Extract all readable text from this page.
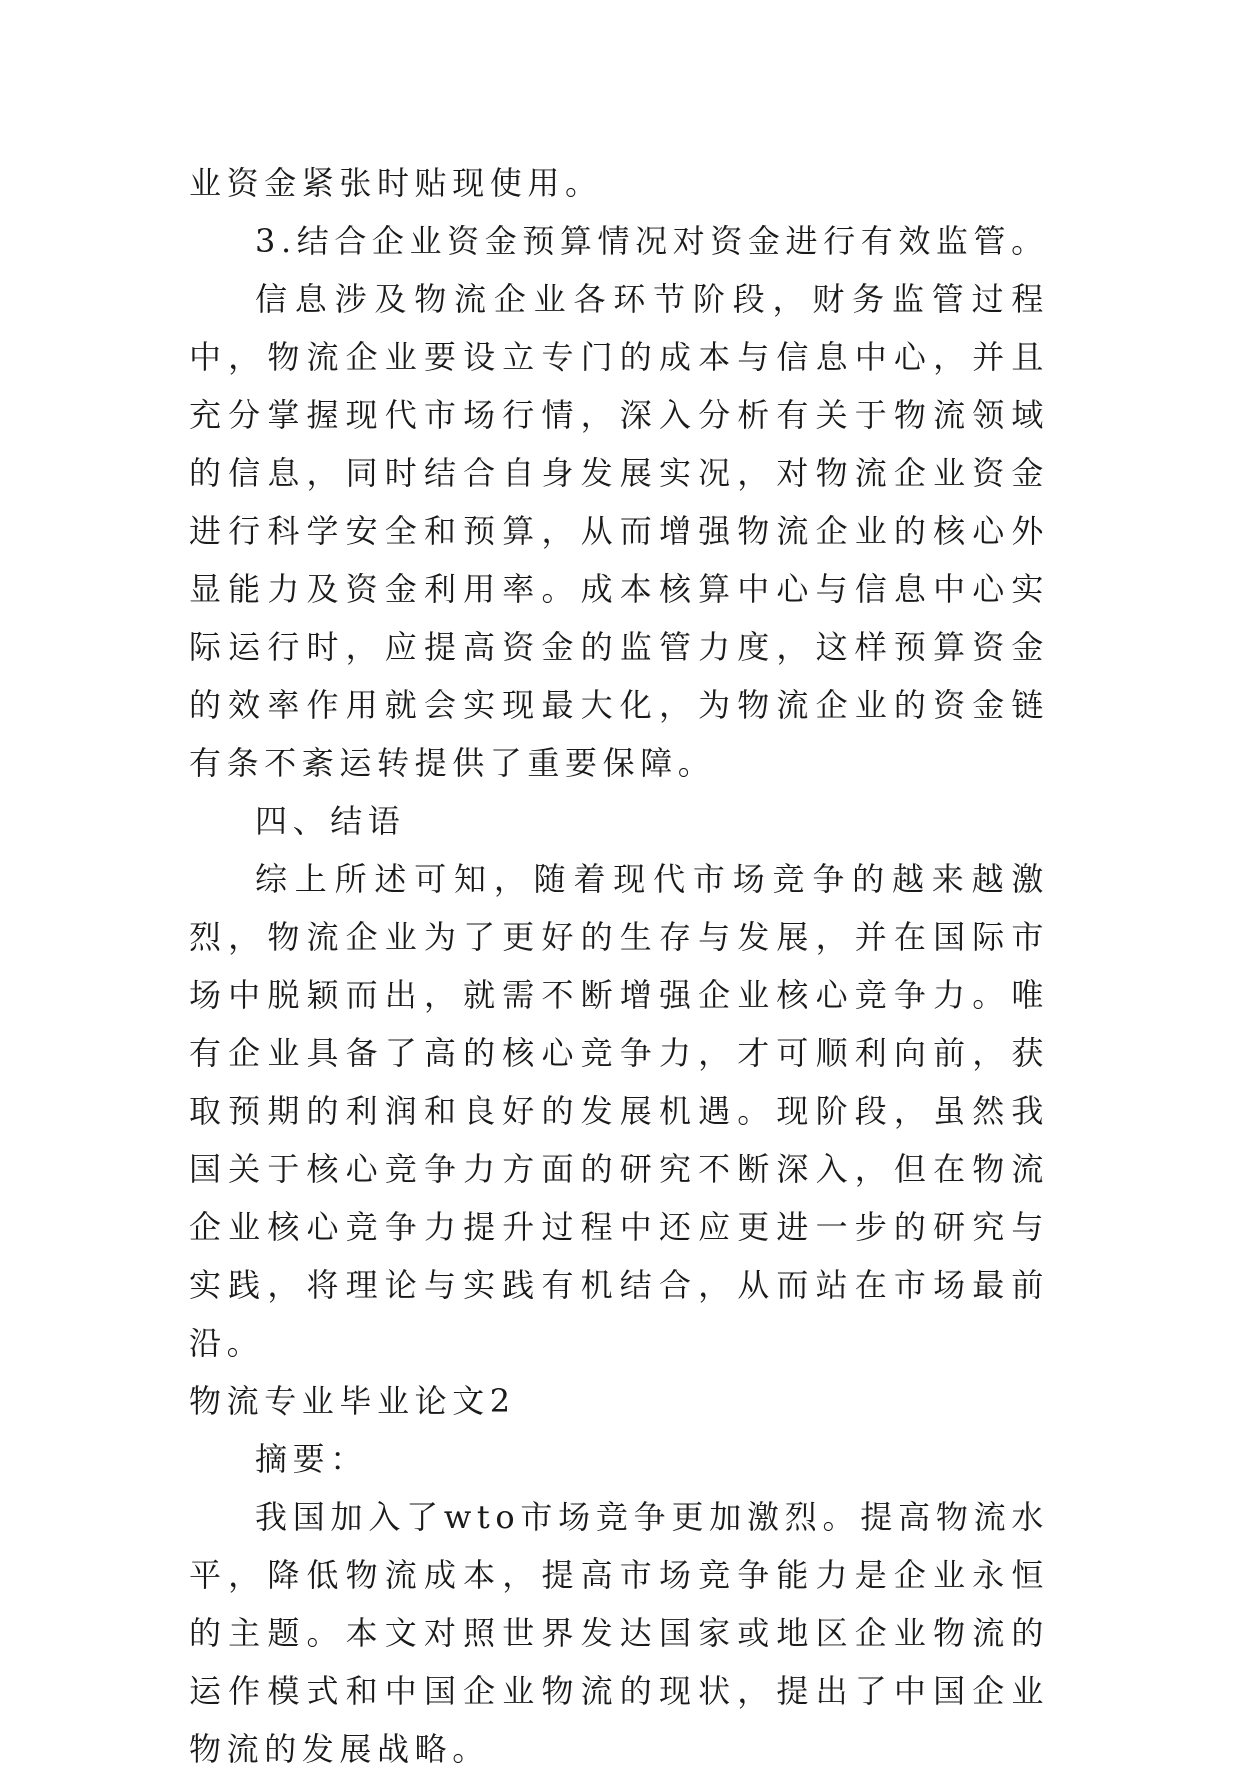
业资金紧张时贴现使用。

3.结合企业资金预算情况对资金进行有效监管。

信息涉及物流企业各环节阶段，财务监管过程中，物流企业要设立专门的成本与信息中心，并且充分掌握现代市场行情，深入分析有关于物流领域的信息，同时结合自身发展实况，对物流企业资金进行科学安全和预算，从而增强物流企业的核心外显能力及资金利用率。成本核算中心与信息中心实际运行时，应提高资金的监管力度，这样预算资金的效率作用就会实现最大化，为物流企业的资金链有条不紊运转提供了重要保障。

四、结语

综上所述可知，随着现代市场竞争的越来越激烈，物流企业为了更好的生存与发展，并在国际市场中脱颖而出，就需不断增强企业核心竞争力。唯有企业具备了高的核心竞争力，才可顺利向前，获取预期的利润和良好的发展机遇。现阶段，虽然我国关于核心竞争力方面的研究不断深入，但在物流企业核心竞争力提升过程中还应更进一步的研究与实践，将理论与实践有机结合，从而站在市场最前沿。

物流专业毕业论文2

摘要：

我国加入了wto市场竞争更加激烈。提高物流水平，降低物流成本，提高市场竞争能力是企业永恒的主题。本文对照世界发达国家或地区企业物流的运作模式和中国企业物流的现状，提出了中国企业物流的发展战略。
